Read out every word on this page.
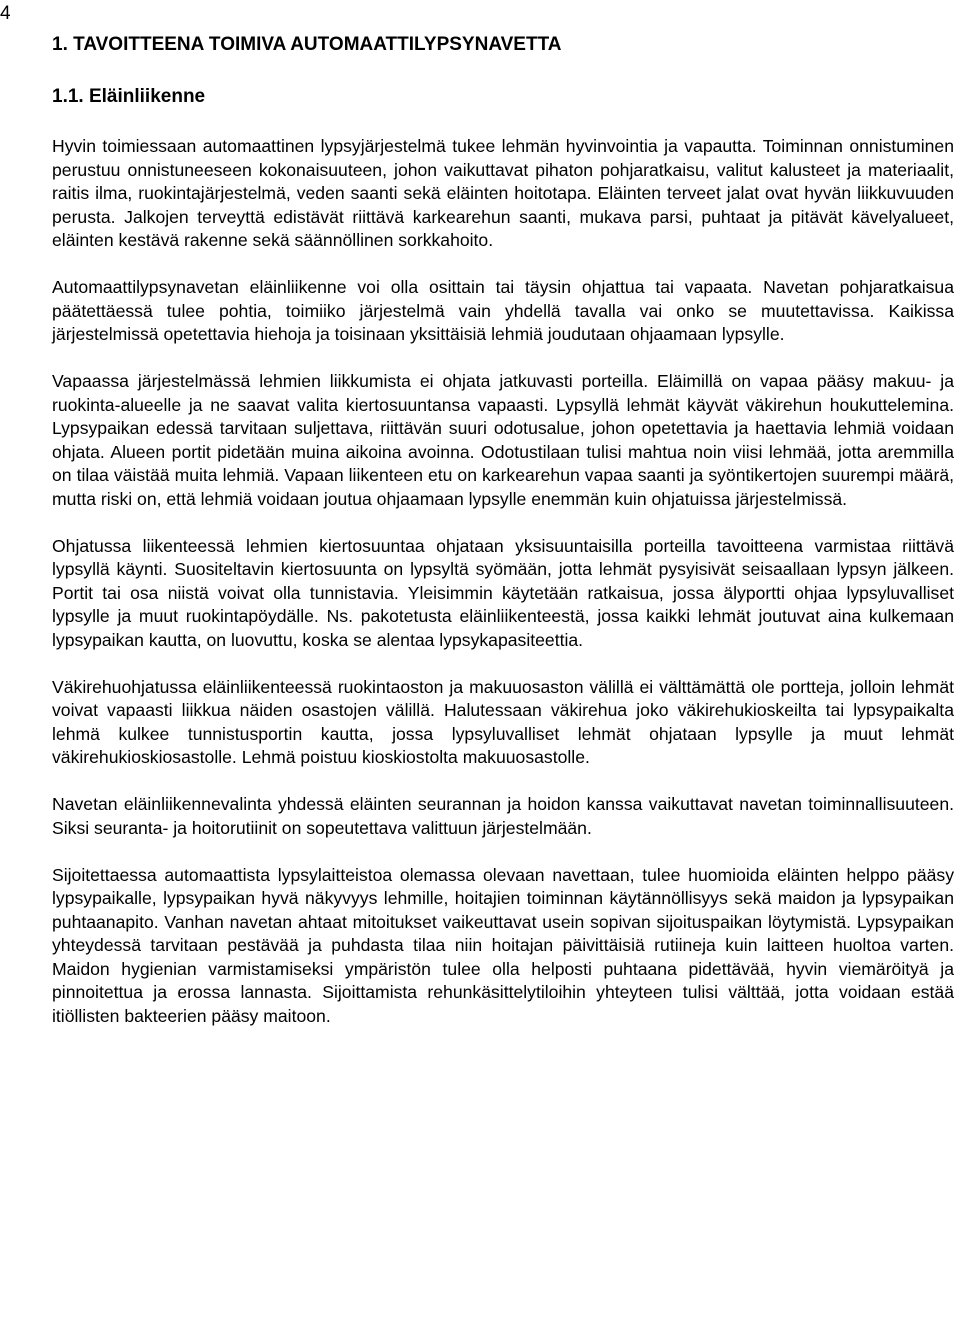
4
1. TAVOITTEENA TOIMIVA AUTOMAATTILYPSYNAVETTA
1.1. Eläinliikenne

Hyvin toimiessaan automaattinen lypsyjärjestelmä tukee lehmän hyvinvointia ja vapautta. Toiminnan onnistuminen perustuu onnistuneeseen kokonaisuuteen, johon vaikuttavat pihaton pohjaratkaisu, valitut kalusteet ja materiaalit, raitis ilma, ruokintajärjestelmä, veden saanti sekä eläinten hoitotapa. Eläinten terveet jalat ovat hyvän liikkuvuuden perusta. Jalkojen terveyttä edistävät riittävä karkearehun saanti, mukava parsi, puhtaat ja pitävät kävelyalueet, eläinten kestävä rakenne sekä säännöllinen sorkkahoito.

Automaattilypsynavetan eläinliikenne voi olla osittain tai täysin ohjattua tai vapaata. Navetan pohjaratkaisua päätettäessä tulee pohtia, toimiiko järjestelmä vain yhdellä tavalla vai onko se muutettavissa. Kaikissa järjestelmissä opetettavia hiehoja ja toisinaan yksittäisiä lehmiä joudutaan ohjaamaan lypsylle.

Vapaassa järjestelmässä lehmien liikkumista ei ohjata jatkuvasti porteilla. Eläimillä on vapaa pääsy makuu- ja ruokinta-alueelle ja ne saavat valita kiertosuuntansa vapaasti. Lypsyllä lehmät käyvät väkirehun houkuttelemina. Lypsypaikan edessä tarvitaan suljettava, riittävän suuri odotusalue, johon opetettavia ja haettavia lehmiä voidaan ohjata. Alueen portit pidetään muina aikoina avoinna. Odotustilaan tulisi mahtua noin viisi lehmää, jotta aremmilla on tilaa väistää muita lehmiä. Vapaan liikenteen etu on karkearehun vapaa saanti ja syöntikertojen suurempi määrä, mutta riski on, että lehmiä voidaan joutua ohjaamaan lypsylle enemmän kuin ohjatuissa järjestelmissä.

Ohjatussa liikenteessä lehmien kiertosuuntaa ohjataan yksisuuntaisilla porteilla tavoitteena varmistaa riittävä lypsyllä käynti. Suositeltavin kiertosuunta on lypsyltä syömään, jotta lehmät pysyisivät seisaallaan lypsyn jälkeen. Portit tai osa niistä voivat olla tunnistavia. Yleisimmin käytetään ratkaisua, jossa älyportti ohjaa lypsyluvalliset lypsylle ja muut ruokintapöydälle. Ns. pakotetusta eläinliikenteestä, jossa kaikki lehmät joutuvat aina kulkemaan lypsypaikan kautta, on luovuttu, koska se alentaa lypsykapasiteettia.

Väkirehuohjatussa eläinliikenteessä ruokintaoston ja makuuosaston välillä ei välttämättä ole portteja, jolloin lehmät voivat vapaasti liikkua näiden osastojen välillä. Halutessaan väkirehua joko väkirehukioskeilta tai lypsypaikalta lehmä kulkee tunnistusportin kautta, jossa lypsyluvalliset lehmät ohjataan lypsylle ja muut lehmät väkirehukioskiosastolle. Lehmä poistuu kioskiostolta makuuosastolle.

Navetan eläinliikennevalinta yhdessä eläinten seurannan ja hoidon kanssa vaikuttavat navetan toiminnallisuuteen. Siksi seuranta- ja hoitorutiinit on sopeutettava valittuun järjestelmään.

Sijoitettaessa automaattista lypsylaitteistoa olemassa olevaan navettaan, tulee huomioida eläinten helppo pääsy lypsypaikalle, lypsypaikan hyvä näkyvyys lehmille, hoitajien toiminnan käytännöllisyys sekä maidon ja lypsypaikan puhtaanapito. Vanhan navetan ahtaat mitoitukset vaikeuttavat usein sopivan sijoituspaikan löytymistä. Lypsypaikan yhteydessä tarvitaan pestävää ja puhdasta tilaa niin hoitajan päivittäisiä rutiineja kuin laitteen huoltoa varten. Maidon hygienian varmistamiseksi ympäristön tulee olla helposti puhtaana pidettävää, hyvin viemäröityä ja pinnoitettua ja erossa lannasta. Sijoittamista rehunkäsittelytiloihin yhteyteen tulisi välttää, jotta voidaan estää itiöllisten bakteerien pääsy maitoon.
